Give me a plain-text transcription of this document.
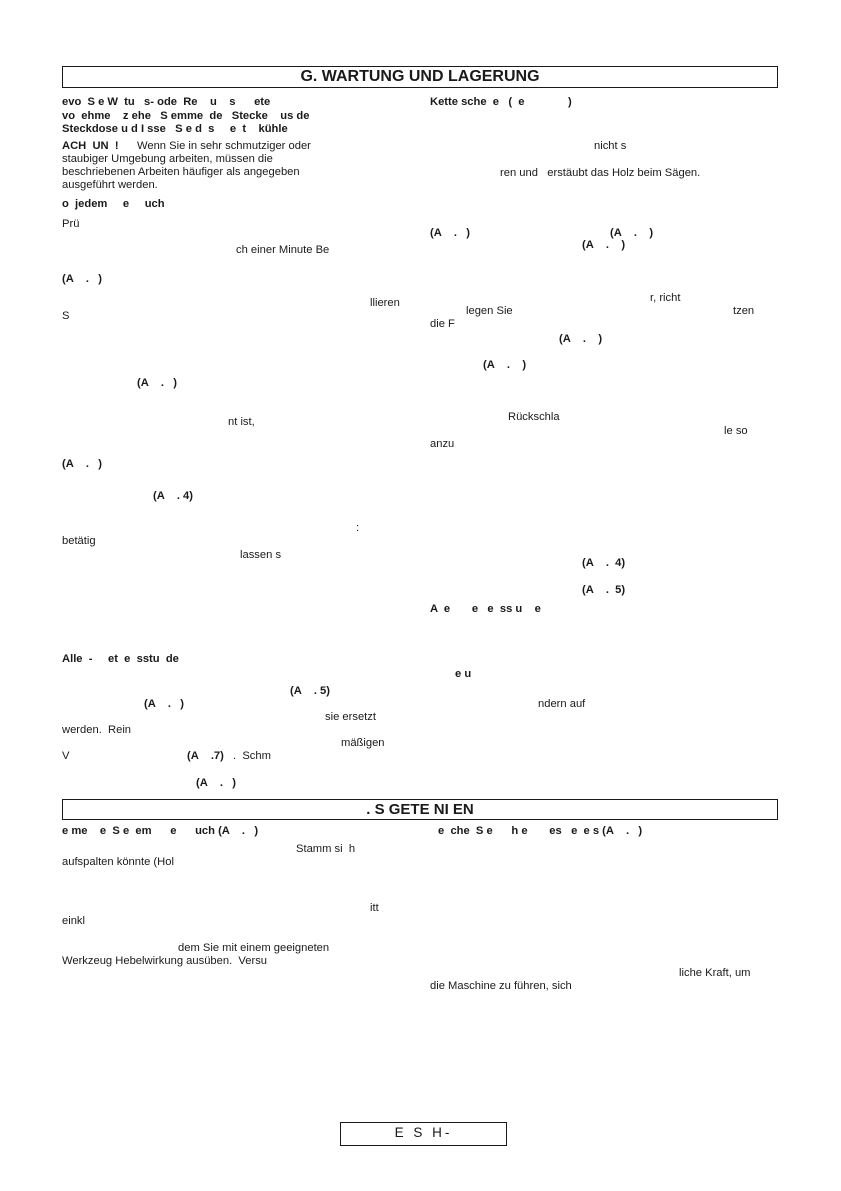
G. WARTUNG UND LAGERUNG
evo  S e W  tu   s- ode  Re    u    s      ete
vo  ehme    z ehe   S emme  de   Stecke    us de
Steckdose u d I sse   S e d  s     e  t    kühle
ACH  UN  ! Wenn Sie in sehr schmutziger oder
staubiger Umgebung arbeiten, müssen die
beschriebenen Arbeiten häufiger als angegeben
ausgeführt werden.
o  jedem     e     uch
Prü
ch einer Minute Be
(A    .   )
llieren
S
(A    .   )
nt ist,
(A    .   )
(A    . 4)
:
betätig
lassen s
Alle  -     et  e  sstu  de
(A    . 5)
(A    .   )
sie ersetzt
werden.  Rein
mäßigen
V	(A    .7) .  Schm
(A    .   )
Kette sche  e   (  e              )
nicht s
ren und   erstäubt das Holz beim Sägen.
(A    .   )	(A    .    )
(A    .    )
r, richt
legen Sie	tzen
die F
(A    .    )
(A    .    )
Rückschla
le so
anzu
(A    .  4)
(A    .  5)
A  e       e   e  ss u    e
e u
ndern auf
. S GETE NI EN
e me    e  S e  em      e      uch (A    .   )
Stamm si  h
aufspalten könnte (Hol
itt
einkl
dem Sie mit einem geeigneten
Werkzeug Hebelwirkung ausüben.  Versu
e  che  S e      h e       es   e  e s (A    .   )
liche Kraft, um
die Maschine zu führen, sich
E S H-
